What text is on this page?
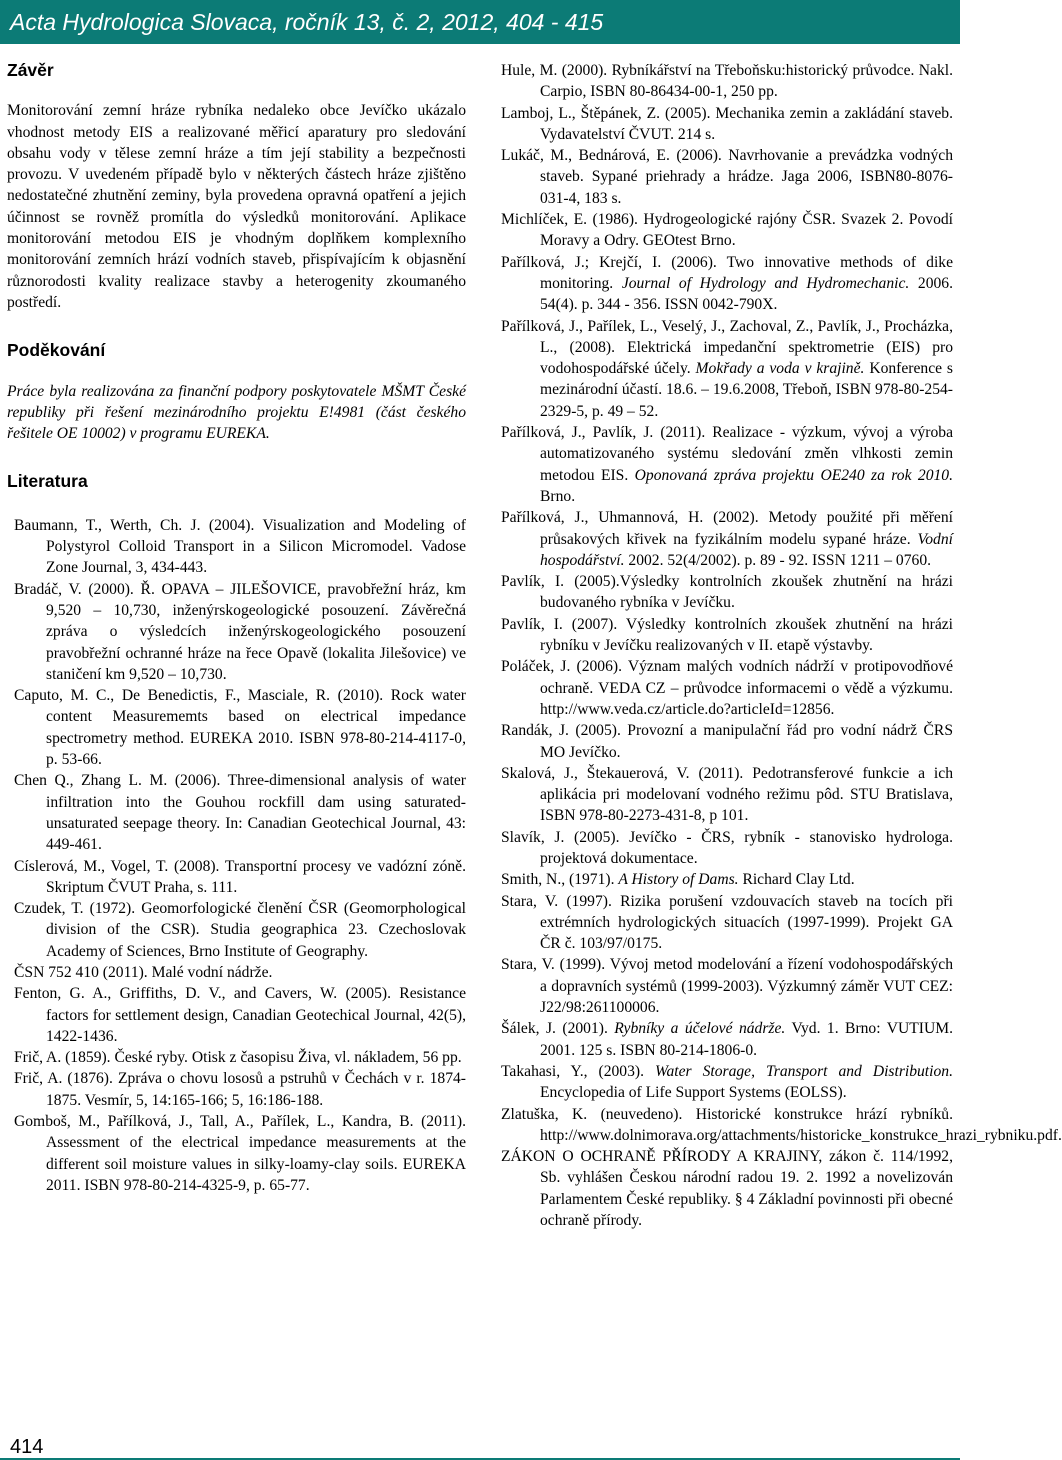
Acta Hydrologica Slovaca, ročník 13, č. 2, 2012, 404 - 415
Závěr

Monitorování zemní hráze rybníka nedaleko obce Jevíčko ukázalo vhodnost metody EIS a realizované měřicí aparatury pro sledování obsahu vody v tělese zemní hráze a tím její stability a bezpečnosti provozu. V uvedeném případě bylo v některých částech hráze zjištěno nedostatečné zhutnění zeminy, byla provedena opravná opatření a jejich účinnost se rovněž promítla do výsledků monitorování. Aplikace monitorování metodou EIS je vhodným doplňkem komplexního monitorování zemních hrází vodních staveb, přispívajícím k objasnění různorodosti kvality realizace stavby a heterogenity zkoumaného postředí.

Poděkování

Práce byla realizována za finanční podpory poskytovatele MŠMT České republiky při řešení mezinárodního projektu E!4981 (část českého řešitele OE 10002) v programu EUREKA.

Literatura

Baumann, T., Werth, Ch. J. (2004). Visualization and Modeling of Polystyrol Colloid Transport in a Silicon Micromodel. Vadose Zone Journal, 3, 434-443.

Bradáč, V. (2000). Ř. OPAVA – JILEŠOVICE, pravobřežní hráz, km 9,520 – 10,730, inženýrskogeologické posouzení. Závěrečná zpráva o výsledcích inženýrskogeologického posouzení pravobřežní ochranné hráze na řece Opavě (lokalita Jilešovice) ve staničení km 9,520 – 10,730.

Caputo, M. C., De Benedictis, F., Masciale, R. (2010). Rock water content Measurememts based on electrical impedance spectrometry method. EUREKA 2010. ISBN 978-80-214-4117-0, p. 53-66.

Chen Q., Zhang L. M. (2006). Three-dimensional analysis of water infiltration into the Gouhou rockfill dam using saturated-unsaturated seepage theory. In: Canadian Geotechical Journal, 43: 449-461.

Císlerová, M., Vogel, T. (2008). Transportní procesy ve vadózní zóně. Skriptum ČVUT Praha, s. 111.

Czudek, T. (1972). Geomorfologické členění ČSR (Geomorphological division of the CSR). Studia geographica 23. Czechoslovak Academy of Sciences, Brno Institute of Geography.

ČSN 752 410 (2011). Malé vodní nádrže.

Fenton, G. A., Griffiths, D. V., and Cavers, W. (2005). Resistance factors for settlement design, Canadian Geotechical Journal, 42(5), 1422-1436.

Frič, A. (1859). České ryby. Otisk z časopisu Živa, vl. nákladem, 56 pp.

Frič, A. (1876). Zpráva o chovu lososů a pstruhů v Čechách v r. 1874-1875. Vesmír, 5, 14:165-166; 5, 16:186-188.

Gomboš, M., Pařílková, J., Tall, A., Pařílek, L., Kandra, B. (2011). Assessment of the electrical impedance measurements at the different soil moisture values in silky-loamy-clay soils. EUREKA 2011. ISBN 978-80-214-4325-9, p. 65-77.

Hule, M. (2000). Rybníkářství na Třeboňsku:historický průvodce. Nakl. Carpio, ISBN 80-86434-00-1, 250 pp.

Lamboj, L., Štěpánek, Z. (2005). Mechanika zemin a zakládání staveb. Vydavatelství ČVUT. 214 s.

Lukáč, M., Bednárová, E. (2006). Navrhovanie a prevádzka vodných staveb. Sypané priehrady a hrádze. Jaga 2006, ISBN80-8076-031-4, 183 s.

Michlíček, E. (1986). Hydrogeologické rajóny ČSR. Svazek 2. Povodí Moravy a Odry. GEOtest Brno.

Pařílková, J.; Krejčí, I. (2006). Two innovative methods of dike monitoring. Journal of Hydrology and Hydromechanic. 2006. 54(4). p. 344 - 356. ISSN 0042-790X.

Pařílková, J., Pařílek, L., Veselý, J., Zachoval, Z., Pavlík, J., Procházka, L., (2008). Elektrická impedanční spektrometrie (EIS) pro vodohospodářské účely. Mokřady a voda v krajině. Konference s mezinárodní účastí. 18.6. – 19.6.2008, Třeboň, ISBN 978-80-254-2329-5, p. 49 – 52.

Pařílková, J., Pavlík, J. (2011). Realizace - výzkum, vývoj a výroba automatizovaného systému sledování změn vlhkosti zemin metodou EIS. Oponovaná zpráva projektu OE240 za rok 2010. Brno.

Pařílková, J., Uhmannová, H. (2002). Metody použité při měření průsakových křivek na fyzikálním modelu sypané hráze. Vodní hospodářství. 2002. 52(4/2002). p. 89 - 92. ISSN 1211 – 0760.

Pavlík, I. (2005).Výsledky kontrolních zkoušek zhutnění na hrázi budovaného rybníka v Jevíčku.

Pavlík, I. (2007). Výsledky kontrolních zkoušek zhutnění na hrázi rybníku v Jevíčku realizovaných v II. etapě výstavby.

Poláček, J. (2006). Význam malých vodních nádrží v protipovodňové ochraně. VEDA CZ – průvodce informacemi o vědě a výzkumu. http://www.veda.cz/article.do?articleId=12856.

Randák, J. (2005). Provozní a manipulační řád pro vodní nádrž ČRS MO Jevíčko.

Skalová, J., Štekauerová, V. (2011). Pedotransferové funkcie a ich aplikácia pri modelovaní vodného režimu pôd. STU Bratislava, ISBN 978-80-2273-431-8, p 101.

Slavík, J. (2005). Jevíčko - ČRS, rybník - stanovisko hydrologa. projektová dokumentace.

Smith, N., (1971). A History of Dams. Richard Clay Ltd.

Stara, V. (1997). Rizika porušení vzdouvacích staveb na tocích při extrémních hydrologických situacích (1997-1999). Projekt GA ČR č. 103/97/0175.

Stara, V. (1999). Vývoj metod modelování a řízení vodohospodářských a dopravních systémů (1999-2003). Výzkumný záměr VUT CEZ: J22/98:261100006.

Šálek, J. (2001). Rybníky a účelové nádrže. Vyd. 1. Brno: VUTIUM. 2001. 125 s. ISBN 80-214-1806-0.

Takahasi, Y., (2003). Water Storage, Transport and Distribution. Encyclopedia of Life Support Systems (EOLSS).

Zlatuška, K. (neuvedeno). Historické konstrukce hrází rybníků. http://www.dolnimorava.org/attachments/historicke_konstrukce_hrazi_rybniku.pdf.

ZÁKON O OCHRANĚ PŘÍRODY A KRAJINY, zákon č. 114/1992, Sb. vyhlášen Českou národní radou 19. 2. 1992 a novelizován Parlamentem České republiky. § 4 Základní povinnosti při obecné ochraně přírody.

414
